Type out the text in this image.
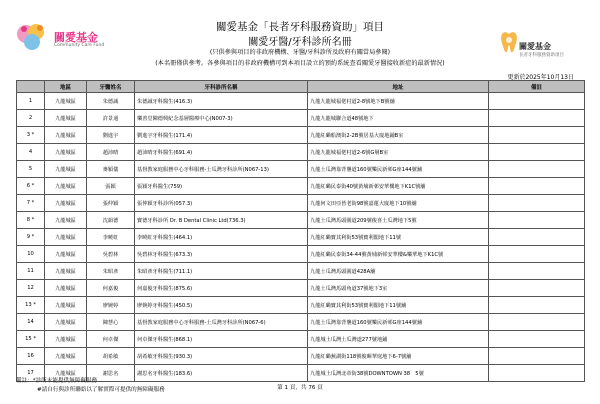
關愛基金
Community Care Fund	關愛基金
長者牙科服務資助項目
關愛基金「長者牙科服務資助」項目
關愛牙醫/牙科診所名冊
(只供參與項目的非政府機構、牙醫/牙科診所及政府有關當局參閱)
(本名冊僅供參考。各參與項目的非政府機構可到本項目設立的預約系統查看關愛牙醫接收新症的最新情況)
更新於2025年10月13日
	地區	牙醫姓名	牙科診所名稱	地址	備註
1	九龍城區	朱德誠	朱德誠牙科醫生(416.3)	九龍九龍城福佬村道2-8號地下B號舖	
2	九龍城區	許景通	樂善堂陳德興紀念基層醫療中心(N007-3)	九龍九龍城聯合道48號地下	
3 *	九龍城區	劉進宇	劉進宇牙科醫生(171.4)	九龍紅磡船澳街2-2B號居基大廈地鋪B室	
4	九龍城區	趙沛晴	趙沛晴牙科醫生(691.4)	九龍九龍城福佬村道2-6號G層B室	
5	九龍城區	麥穎儀	基督教家庭服務中心牙科服務-土瓜灣牙科診所(N067-13)	九龍土瓜灣靠背壟道160號樂民新邨G座144號舖	
6 *	九龍城區	張穎	張穎牙科醫生(759)	九龍紅磡民泰街40號黃埔新邨安華樓地下K1C號舖	
7 *	九龍城區	張仲穎	張仲穎牙科診所(057.3)	九龍何文田亞皆老街98號嘉蓮大廈地下10號舖	
8 *	九龍城區	沈韻德	寶德牙科診所 Dr. B Dental Clinic Ltd(736.3)	九龍土瓜灣馬頭圍道209號俊喜土瓜灣地下5號	
9 *	九龍城區	李曉虹	李曉虹牙科醫生(464.1)	九龍紅磡寶其利街53號寶利閣地下11號	
10	九龍城區	吳碧林	吳碧林牙科醫生(673.3)	九龍紅磡民泰街34-44號黃埔新邨安華樓&樂華地下K1C號	
11	九龍城區	朱昭彥	朱昭彥牙科醫生(711.1)	九龍土瓜灣馬頭圍道428A舖	
12	九龍城區	何嘉俊	何嘉俊牙科醫生(875.6)	九龍土瓜灣馬頭角道37號地下3室	
13 *	九龍城區	廖婉婷	廖婉婷牙科醫生(450.5)	九龍紅磡寶其利街53號寶利閣地下11號舖	
14	九龍城區	陳慧心	基督教家庭服務中心牙科服務-土瓜灣牙科診所(N067-6)	九龍土瓜灣靠背壟道160號樂民新邨G座144號舖	
15 *	九龍城區	何卓傑	何卓傑牙科醫生(868.1)	九龍城土瓜灣土瓜灣道277號地鋪	
16	九龍城區	胡希敏	胡希敏牙科醫生(930.3)	九龍紅磡蕪湖街118號俊暉華庭地下6-7號舖	
17	九龍城區	謝思名	謝思名牙科醫生(183.6)	九龍城土瓜灣北帝街38號DOWNTOWN 38　5號	
備註：*診所未能提供無障礙服務
#請自行與診所聯絡以了解實際可提供的無障礙服務	第 1 頁，共 76 頁
